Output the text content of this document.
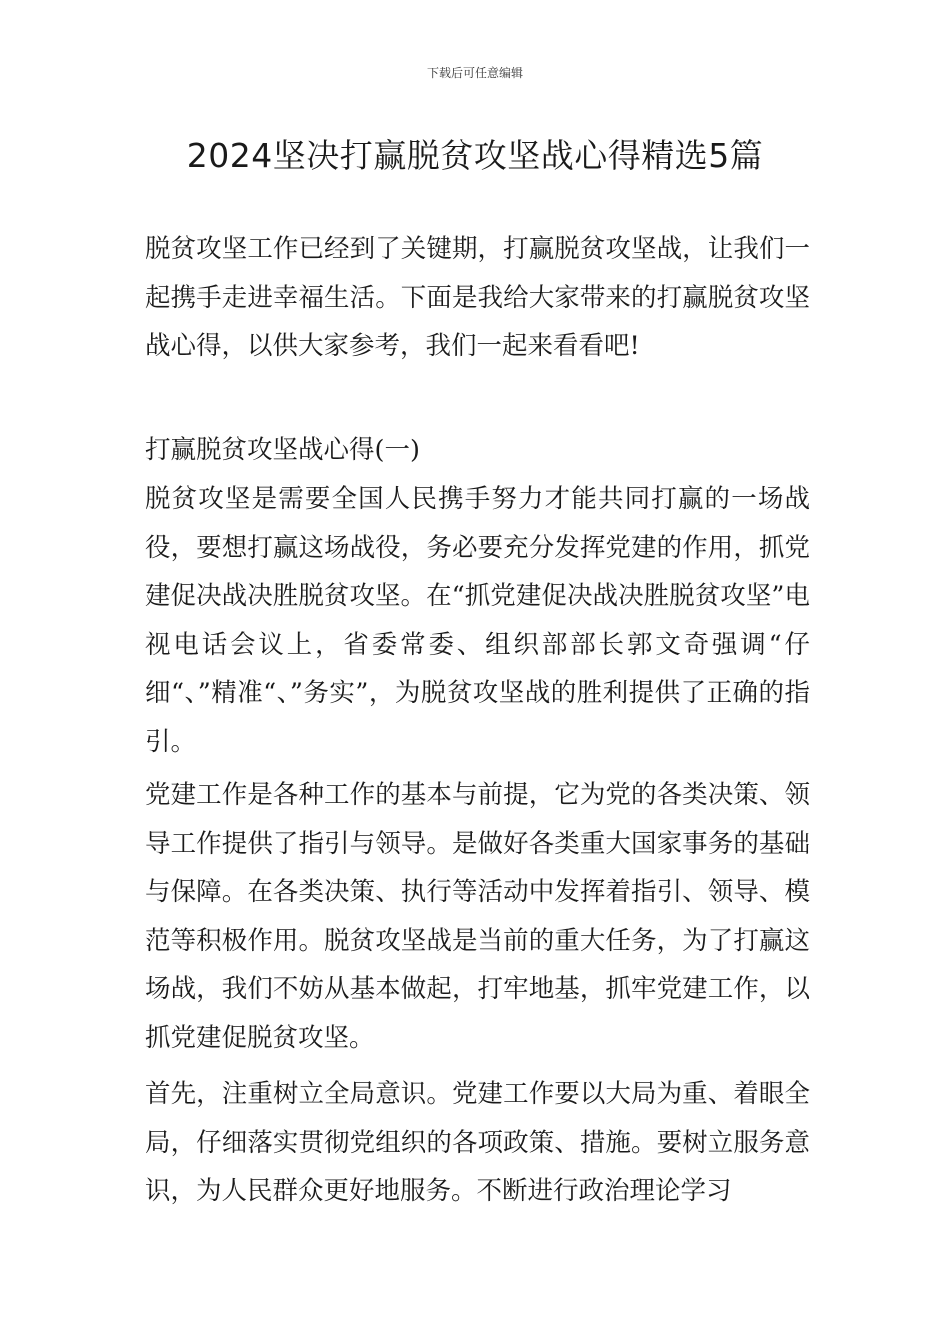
下载后可任意编辑
2024坚决打赢脱贫攻坚战心得精选5篇

脱贫攻坚工作已经到了关键期，打赢脱贫攻坚战，让我们一起携手走进幸福生活。下面是我给大家带来的打赢脱贫攻坚战心得，以供大家参考，我们一起来看看吧!

打赢脱贫攻坚战心得(一)

脱贫攻坚是需要全国人民携手努力才能共同打赢的一场战役，要想打赢这场战役，务必要充分发挥党建的作用，抓党建促决战决胜脱贫攻坚。在“抓党建促决战决胜脱贫攻坚”电视电话会议上，省委常委、组织部部长郭文奇强调“仔细“、”精准“、”务实”，为脱贫攻坚战的胜利提供了正确的指引。

党建工作是各种工作的基本与前提，它为党的各类决策、领导工作提供了指引与领导。是做好各类重大国家事务的基础与保障。在各类决策、执行等活动中发挥着指引、领导、模范等积极作用。脱贫攻坚战是当前的重大任务，为了打赢这场战，我们不妨从基本做起，打牢地基，抓牢党建工作，以抓党建促脱贫攻坚。

首先，注重树立全局意识。党建工作要以大局为重、着眼全局，仔细落实贯彻党组织的各项政策、措施。要树立服务意识，为人民群众更好地服务。不断进行政治理论学习
